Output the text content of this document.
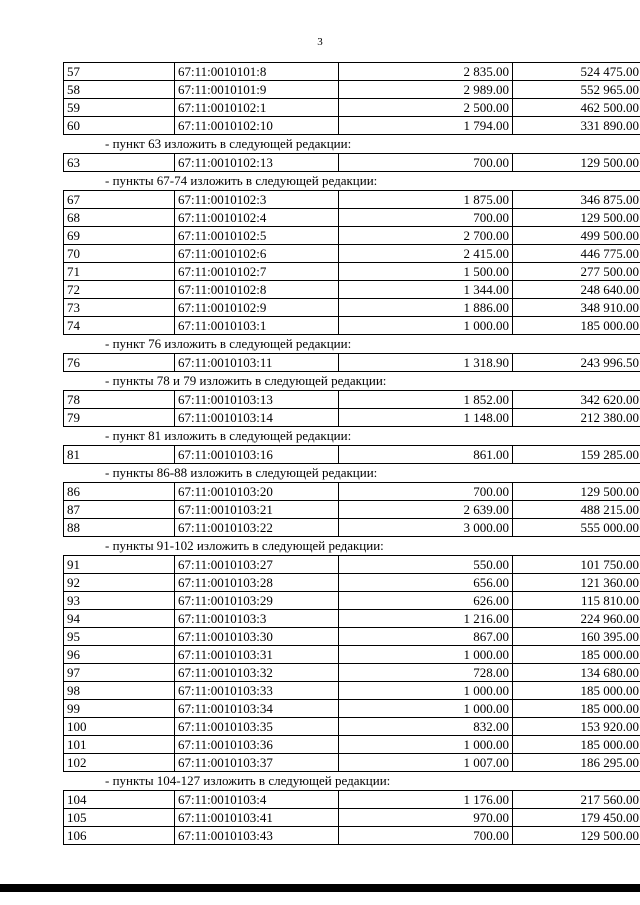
3
57	67:11:0010101:8	2 835.00	524 475.00
58	67:11:0010101:9	2 989.00	552 965.00
59	67:11:0010102:1	2 500.00	462 500.00
60	67:11:0010102:10	1 794.00	331 890.00
- пункт 63 изложить в следующей редакции:
63	67:11:0010102:13	700.00	129 500.00
- пункты 67-74 изложить в следующей редакции:
67	67:11:0010102:3	1 875.00	346 875.00
68	67:11:0010102:4	700.00	129 500.00
69	67:11:0010102:5	2 700.00	499 500.00
70	67:11:0010102:6	2 415.00	446 775.00
71	67:11:0010102:7	1 500.00	277 500.00
72	67:11:0010102:8	1 344.00	248 640.00
73	67:11:0010102:9	1 886.00	348 910.00
74	67:11:0010103:1	1 000.00	185 000.00
- пункт 76 изложить в следующей редакции:
76	67:11:0010103:11	1 318.90	243 996.50
- пункты 78 и 79 изложить в следующей редакции:
78	67:11:0010103:13	1 852.00	342 620.00
79	67:11:0010103:14	1 148.00	212 380.00
- пункт 81 изложить в следующей редакции:
81	67:11:0010103:16	861.00	159 285.00
- пункты 86-88 изложить в следующей редакции:
86	67:11:0010103:20	700.00	129 500.00
87	67:11:0010103:21	2 639.00	488 215.00
88	67:11:0010103:22	3 000.00	555 000.00
- пункты 91-102 изложить в следующей редакции:
91	67:11:0010103:27	550.00	101 750.00
92	67:11:0010103:28	656.00	121 360.00
93	67:11:0010103:29	626.00	115 810.00
94	67:11:0010103:3	1 216.00	224 960.00
95	67:11:0010103:30	867.00	160 395.00
96	67:11:0010103:31	1 000.00	185 000.00
97	67:11:0010103:32	728.00	134 680.00
98	67:11:0010103:33	1 000.00	185 000.00
99	67:11:0010103:34	1 000.00	185 000.00
100	67:11:0010103:35	832.00	153 920.00
101	67:11:0010103:36	1 000.00	185 000.00
102	67:11:0010103:37	1 007.00	186 295.00
- пункты 104-127 изложить в следующей редакции:
104	67:11:0010103:4	1 176.00	217 560.00
105	67:11:0010103:41	970.00	179 450.00
106	67:11:0010103:43	700.00	129 500.00
